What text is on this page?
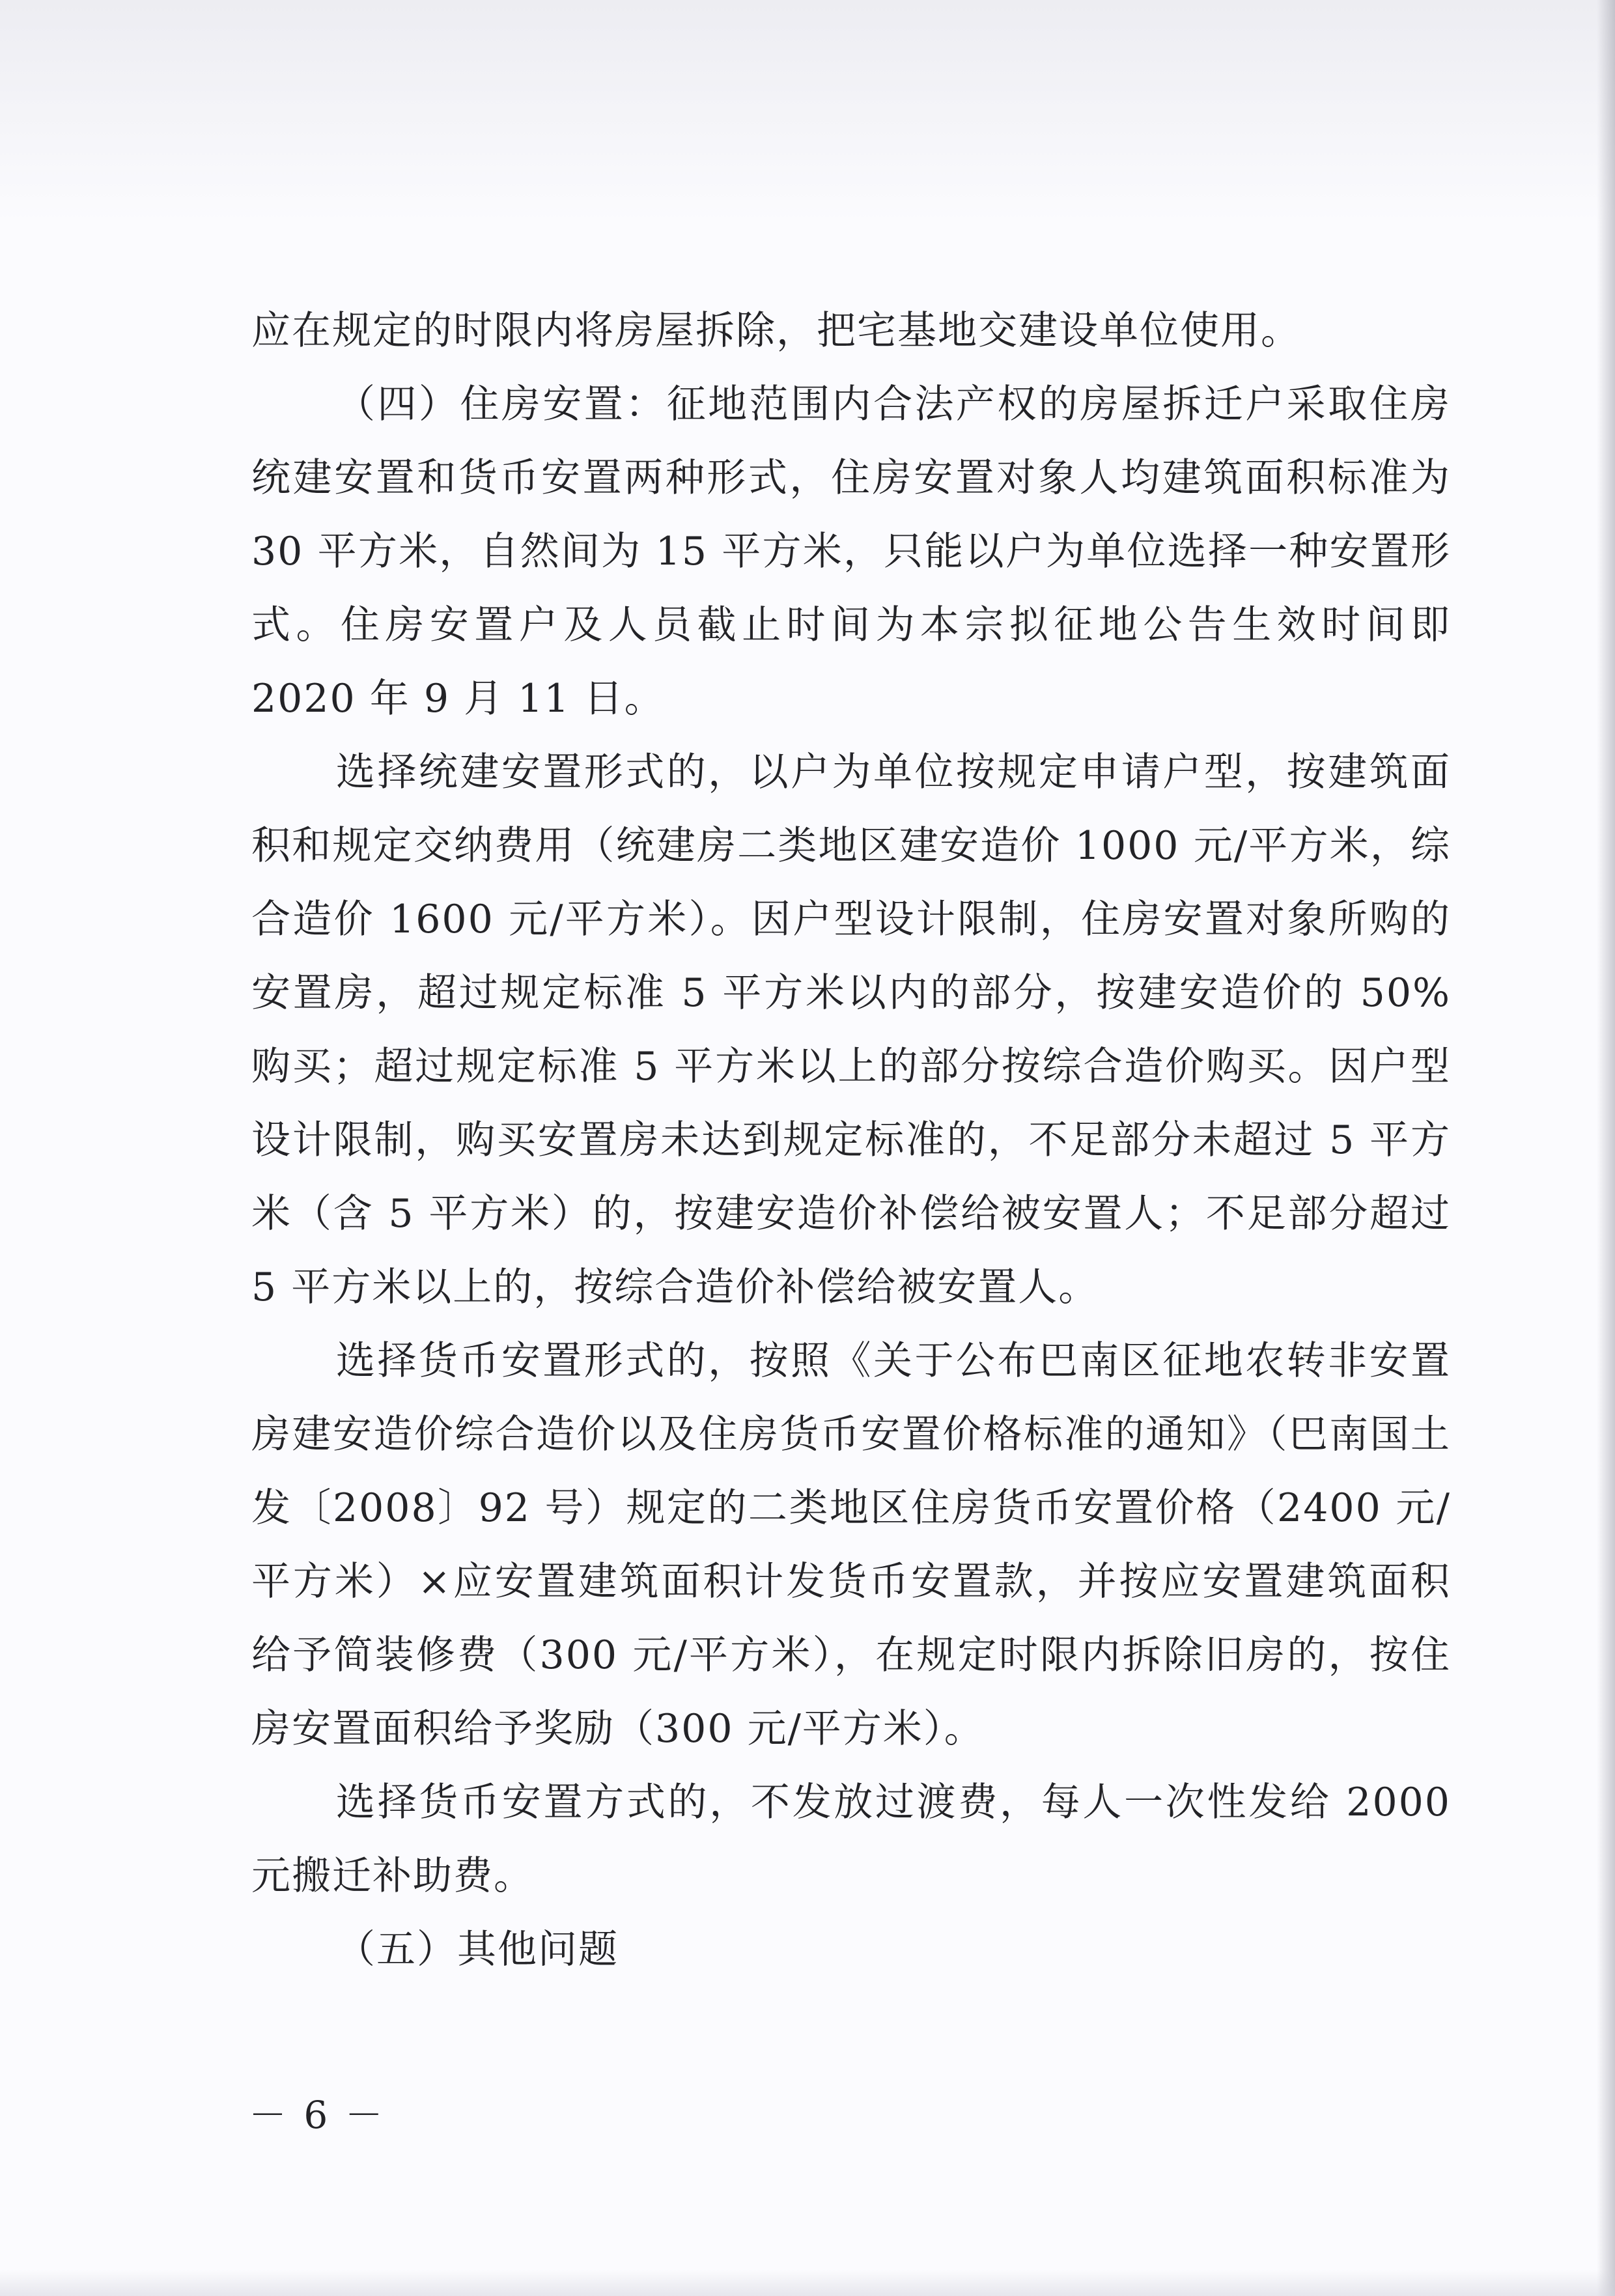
应在规定的时限内将房屋拆除，把宅基地交建设单位使用。

（四）住房安置：征地范围内合法产权的房屋拆迁户采取住房统建安置和货币安置两种形式，住房安置对象人均建筑面积标准为 30 平方米，自然间为 15 平方米，只能以户为单位选择一种安置形式。住房安置户及人员截止时间为本宗拟征地公告生效时间即 2020 年 9 月 11 日。

选择统建安置形式的，以户为单位按规定申请户型，按建筑面积和规定交纳费用（统建房二类地区建安造价 1000 元/平方米，综合造价 1600 元/平方米）。因户型设计限制，住房安置对象所购的安置房，超过规定标准 5 平方米以内的部分，按建安造价的 50%购买；超过规定标准 5 平方米以上的部分按综合造价购买。因户型设计限制，购买安置房未达到规定标准的，不足部分未超过 5 平方米（含 5 平方米）的，按建安造价补偿给被安置人；不足部分超过 5 平方米以上的，按综合造价补偿给被安置人。

选择货币安置形式的，按照《关于公布巴南区征地农转非安置房建安造价综合造价以及住房货币安置价格标准的通知》（巴南国土发〔2008〕92 号）规定的二类地区住房货币安置价格（2400 元/平方米）×应安置建筑面积计发货币安置款，并按应安置建筑面积给予简装修费（300 元/平方米），在规定时限内拆除旧房的，按住房安置面积给予奖励（300 元/平方米）。

选择货币安置方式的，不发放过渡费，每人一次性发给 2000 元搬迁补助费。

（五）其他问题

－ 6 －
